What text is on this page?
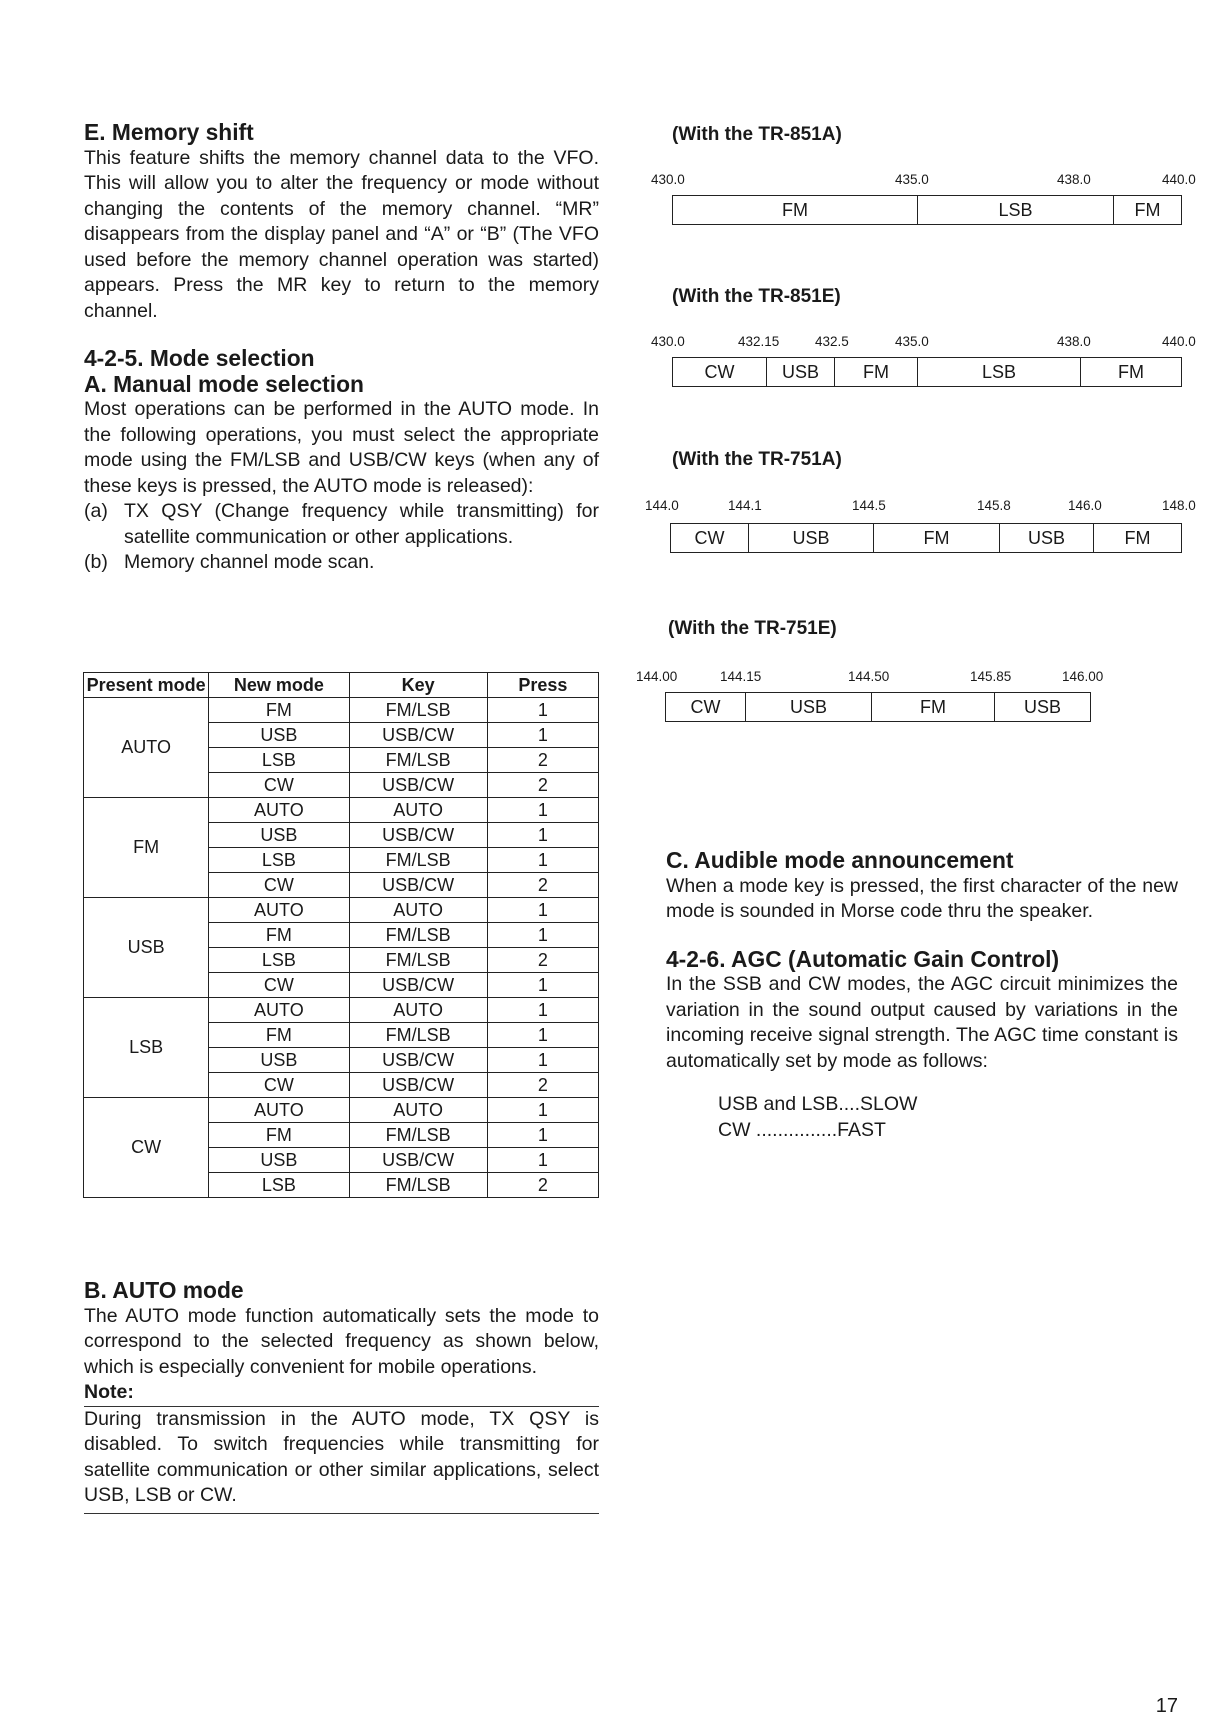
E. Memory shift

This feature shifts the memory channel data to the VFO. This will allow you to alter the frequency or mode without changing the contents of the memory channel. “MR” disappears from the display panel and “A” or “B” (The VFO used before the memory channel operation was started) appears. Press the MR key to return to the memory channel.

4-2-5. Mode selection
A. Manual mode selection

Most operations can be performed in the AUTO mode. In the following operations, you must select the appropriate mode using the FM/LSB and USB/CW keys (when any of these keys is pressed, the AUTO mode is released):

(a) TX QSY (Change frequency while transmitting) for satellite communication or other applications.
(b) Memory channel mode scan.
Present mode	New mode	Key	Press
AUTO	FM	FM/LSB	1
	USB	USB/CW	1
	LSB	FM/LSB	2
	CW	USB/CW	2
FM	AUTO	AUTO	1
	USB	USB/CW	1
	LSB	FM/LSB	1
	CW	USB/CW	2
USB	AUTO	AUTO	1
	FM	FM/LSB	1
	LSB	FM/LSB	2
	CW	USB/CW	1
LSB	AUTO	AUTO	1
	FM	FM/LSB	1
	USB	USB/CW	1
	CW	USB/CW	2
CW	AUTO	AUTO	1
	FM	FM/LSB	1
	USB	USB/CW	1
	LSB	FM/LSB	2
B. AUTO mode

The AUTO mode function automatically sets the mode to correspond to the selected frequency as shown below, which is especially convenient for mobile operations.

Note:

During transmission in the AUTO mode, TX QSY is disabled. To switch frequencies while transmitting for satellite communication or other similar applications, select USB, LSB or CW.

(With the TR-851A)
430.0	435.0	438.0	440.0
FM	LSB	FM
(With the TR-851E)
430.0	432.15	432.5	435.0	438.0	440.0
CW	USB	FM	LSB	FM
(With the TR-751A)
144.0	144.1	144.5	145.8	146.0	148.0
CW	USB	FM	USB	FM
(With the TR-751E)
144.00	144.15	144.50	145.85	146.00
CW	USB	FM	USB
C. Audible mode announcement

When a mode key is pressed, the first character of the new mode is sounded in Morse code thru the speaker.

4-2-6. AGC (Automatic Gain Control)

In the SSB and CW modes, the AGC circuit minimizes the variation in the sound output caused by variations in the incoming receive signal strength. The AGC time constant is automatically set by mode as follows:

USB and LSB....SLOW
CW ...............FAST
17
